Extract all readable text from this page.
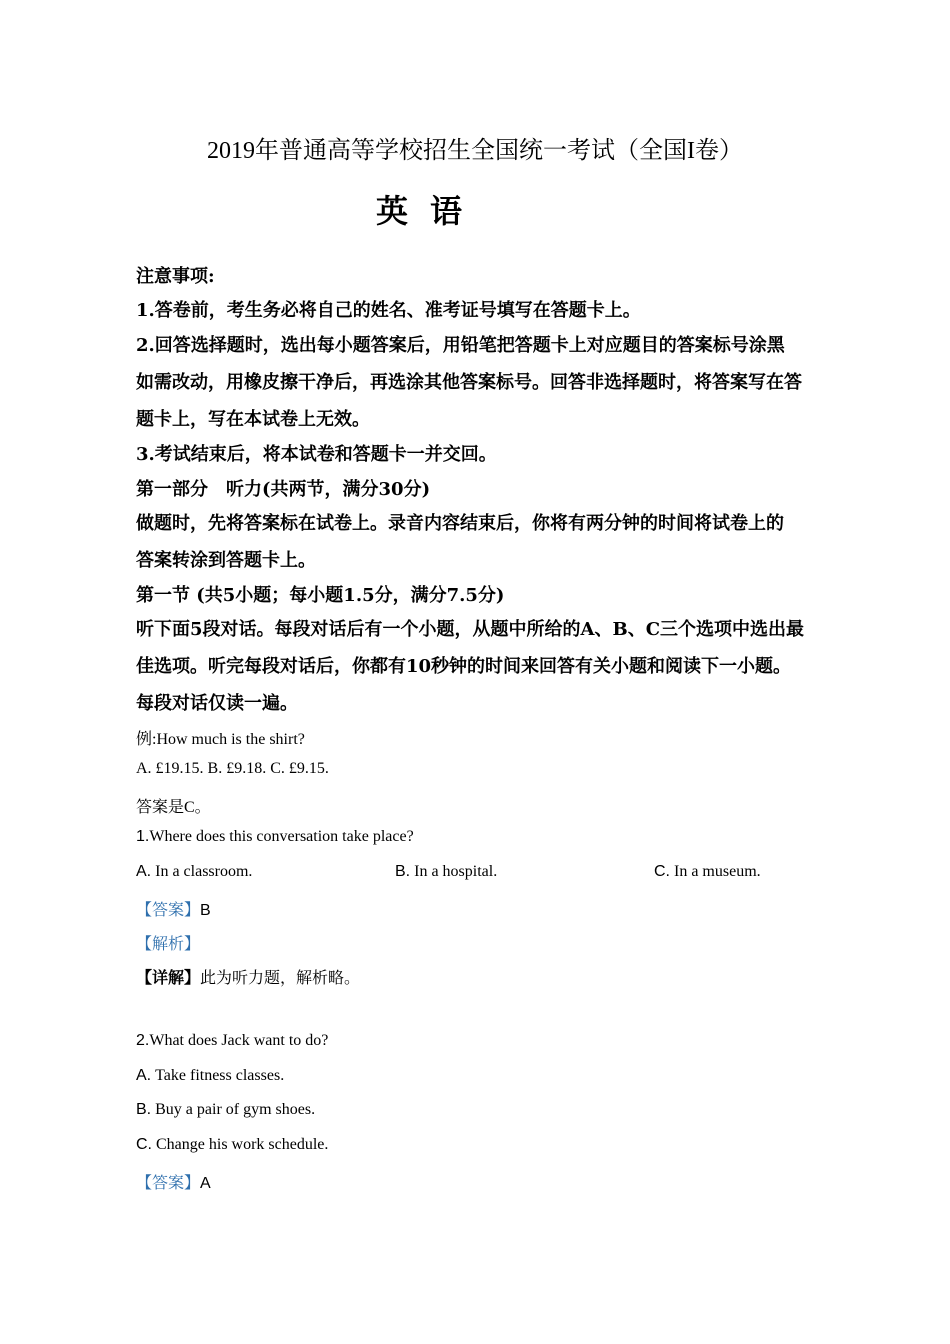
2019年普通高等学校招生全国统一考试（全国I卷）
英语
注意事项:
1.答卷前，考生务必将自己的姓名、准考证号填写在答题卡上。
2.回答选择题时，选出每小题答案后，用铅笔把答题卡上对应题目的答案标号涂黑
如需改动，用橡皮擦干净后，再选涂其他答案标号。回答非选择题时，将答案写在答
题卡上，写在本试卷上无效。
3.考试结束后，将本试卷和答题卡一并交回。
第一部分　听力(共两节，满分30分)
做题时，先将答案标在试卷上。录音内容结束后，你将有两分钟的时间将试卷上的
答案转涂到答题卡上。
第一节 (共5小题；每小题1.5分，满分7.5分)
听下面5段对话。每段对话后有一个小题，从题中所给的A、B、C三个选项中选出最
佳选项。听完每段对话后，你都有10秒钟的时间来回答有关小题和阅读下一小题。
每段对话仅读一遍。
例:How much is the shirt?
A. £19.15. B. £9.18. C. £9.15.
答案是C。
1.Where does this conversation take place?
A. In a classroom.	B. In a hospital.	C. In a museum.
【答案】B
【解析】
【详解】此为听力题，解析略。
2.What does Jack want to do?
A. Take fitness classes.
B. Buy a pair of gym shoes.
C. Change his work schedule.
【答案】A
